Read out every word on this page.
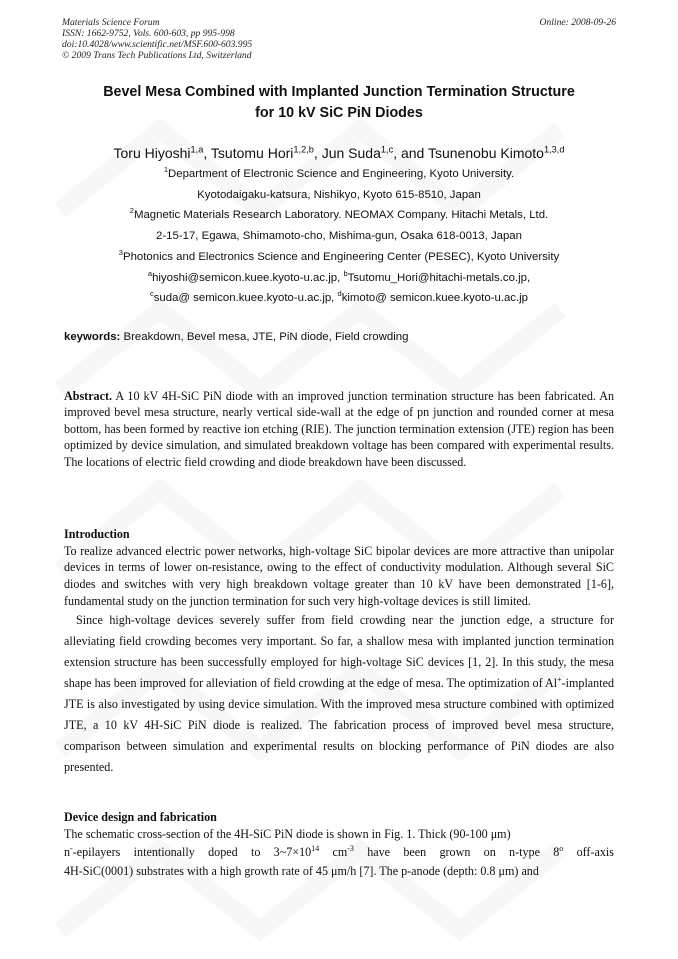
Materials Science Forum
ISSN: 1662-9752, Vols. 600-603, pp 995-998
doi:10.4028/www.scientific.net/MSF.600-603.995
© 2009 Trans Tech Publications Ltd, Switzerland
Online: 2008-09-26
Bevel Mesa Combined with Implanted Junction Termination Structure
for 10 kV SiC PiN Diodes
Toru Hiyoshi$^{1,a}$, Tsutomu Hori$^{1,2,b}$, Jun Suda$^{1,c}$, and Tsunenobu Kimoto$^{1,3,d}$
$^1$Department of Electronic Science and Engineering, Kyoto University.
Kyotodaigaku-katsura, Nishikyo, Kyoto 615-8510, Japan
$^2$Magnetic Materials Research Laboratory. NEOMAX Company. Hitachi Metals, Ltd.
2-15-17, Egawa, Shimamoto-cho, Mishima-gun, Osaka 618-0013, Japan
$^3$Photonics and Electronics Science and Engineering Center (PESEC), Kyoto University
$^a$hiyoshi@semicon.kuee.kyoto-u.ac.jp, $^b$Tsutomu_Hori@hitachi-metals.co.jp,
$^c$suda@ semicon.kuee.kyoto-u.ac.jp, $^d$kimoto@ semicon.kuee.kyoto-u.ac.jp
keywords: Breakdown, Bevel mesa, JTE, PiN diode, Field crowding
Abstract. A 10 kV 4H-SiC PiN diode with an improved junction termination structure has been fabricated. An improved bevel mesa structure, nearly vertical side-wall at the edge of pn junction and rounded corner at mesa bottom, has been formed by reactive ion etching (RIE). The junction termination extension (JTE) region has been optimized by device simulation, and simulated breakdown voltage has been compared with experimental results. The locations of electric field crowding and diode breakdown have been discussed.
Introduction

To realize advanced electric power networks, high-voltage SiC bipolar devices are more attractive than unipolar devices in terms of lower on-resistance, owing to the effect of conductivity modulation. Although several SiC diodes and switches with very high breakdown voltage greater than 10 kV have been demonstrated [1-6], fundamental study on the junction termination for such very high-voltage devices is still limited.

Since high-voltage devices severely suffer from field crowding near the junction edge, a structure for alleviating field crowding becomes very important. So far, a shallow mesa with implanted junction termination extension structure has been successfully employed for high-voltage SiC devices [1, 2]. In this study, the mesa shape has been improved for alleviation of field crowding at the edge of mesa. The optimization of Al+-implanted JTE is also investigated by using device simulation. With the improved mesa structure combined with optimized JTE, a 10 kV 4H-SiC PiN diode is realized. The fabrication process of improved bevel mesa structure, comparison between simulation and experimental results on blocking performance of PiN diodes are also presented.

Device design and fabrication
The schematic cross-section of the 4H-SiC PiN diode is shown in Fig. 1. Thick (90-100 μm)
n--epilayers intentionally doped to $3\sim 7\times 10^{14}$ $cm^{-3}$ have been grown on n-type 8$^o$ off-axis
4H-SiC(0001) substrates with a high growth rate of 45 μm/h [7]. The p-anode (depth: 0.8 μm) and
